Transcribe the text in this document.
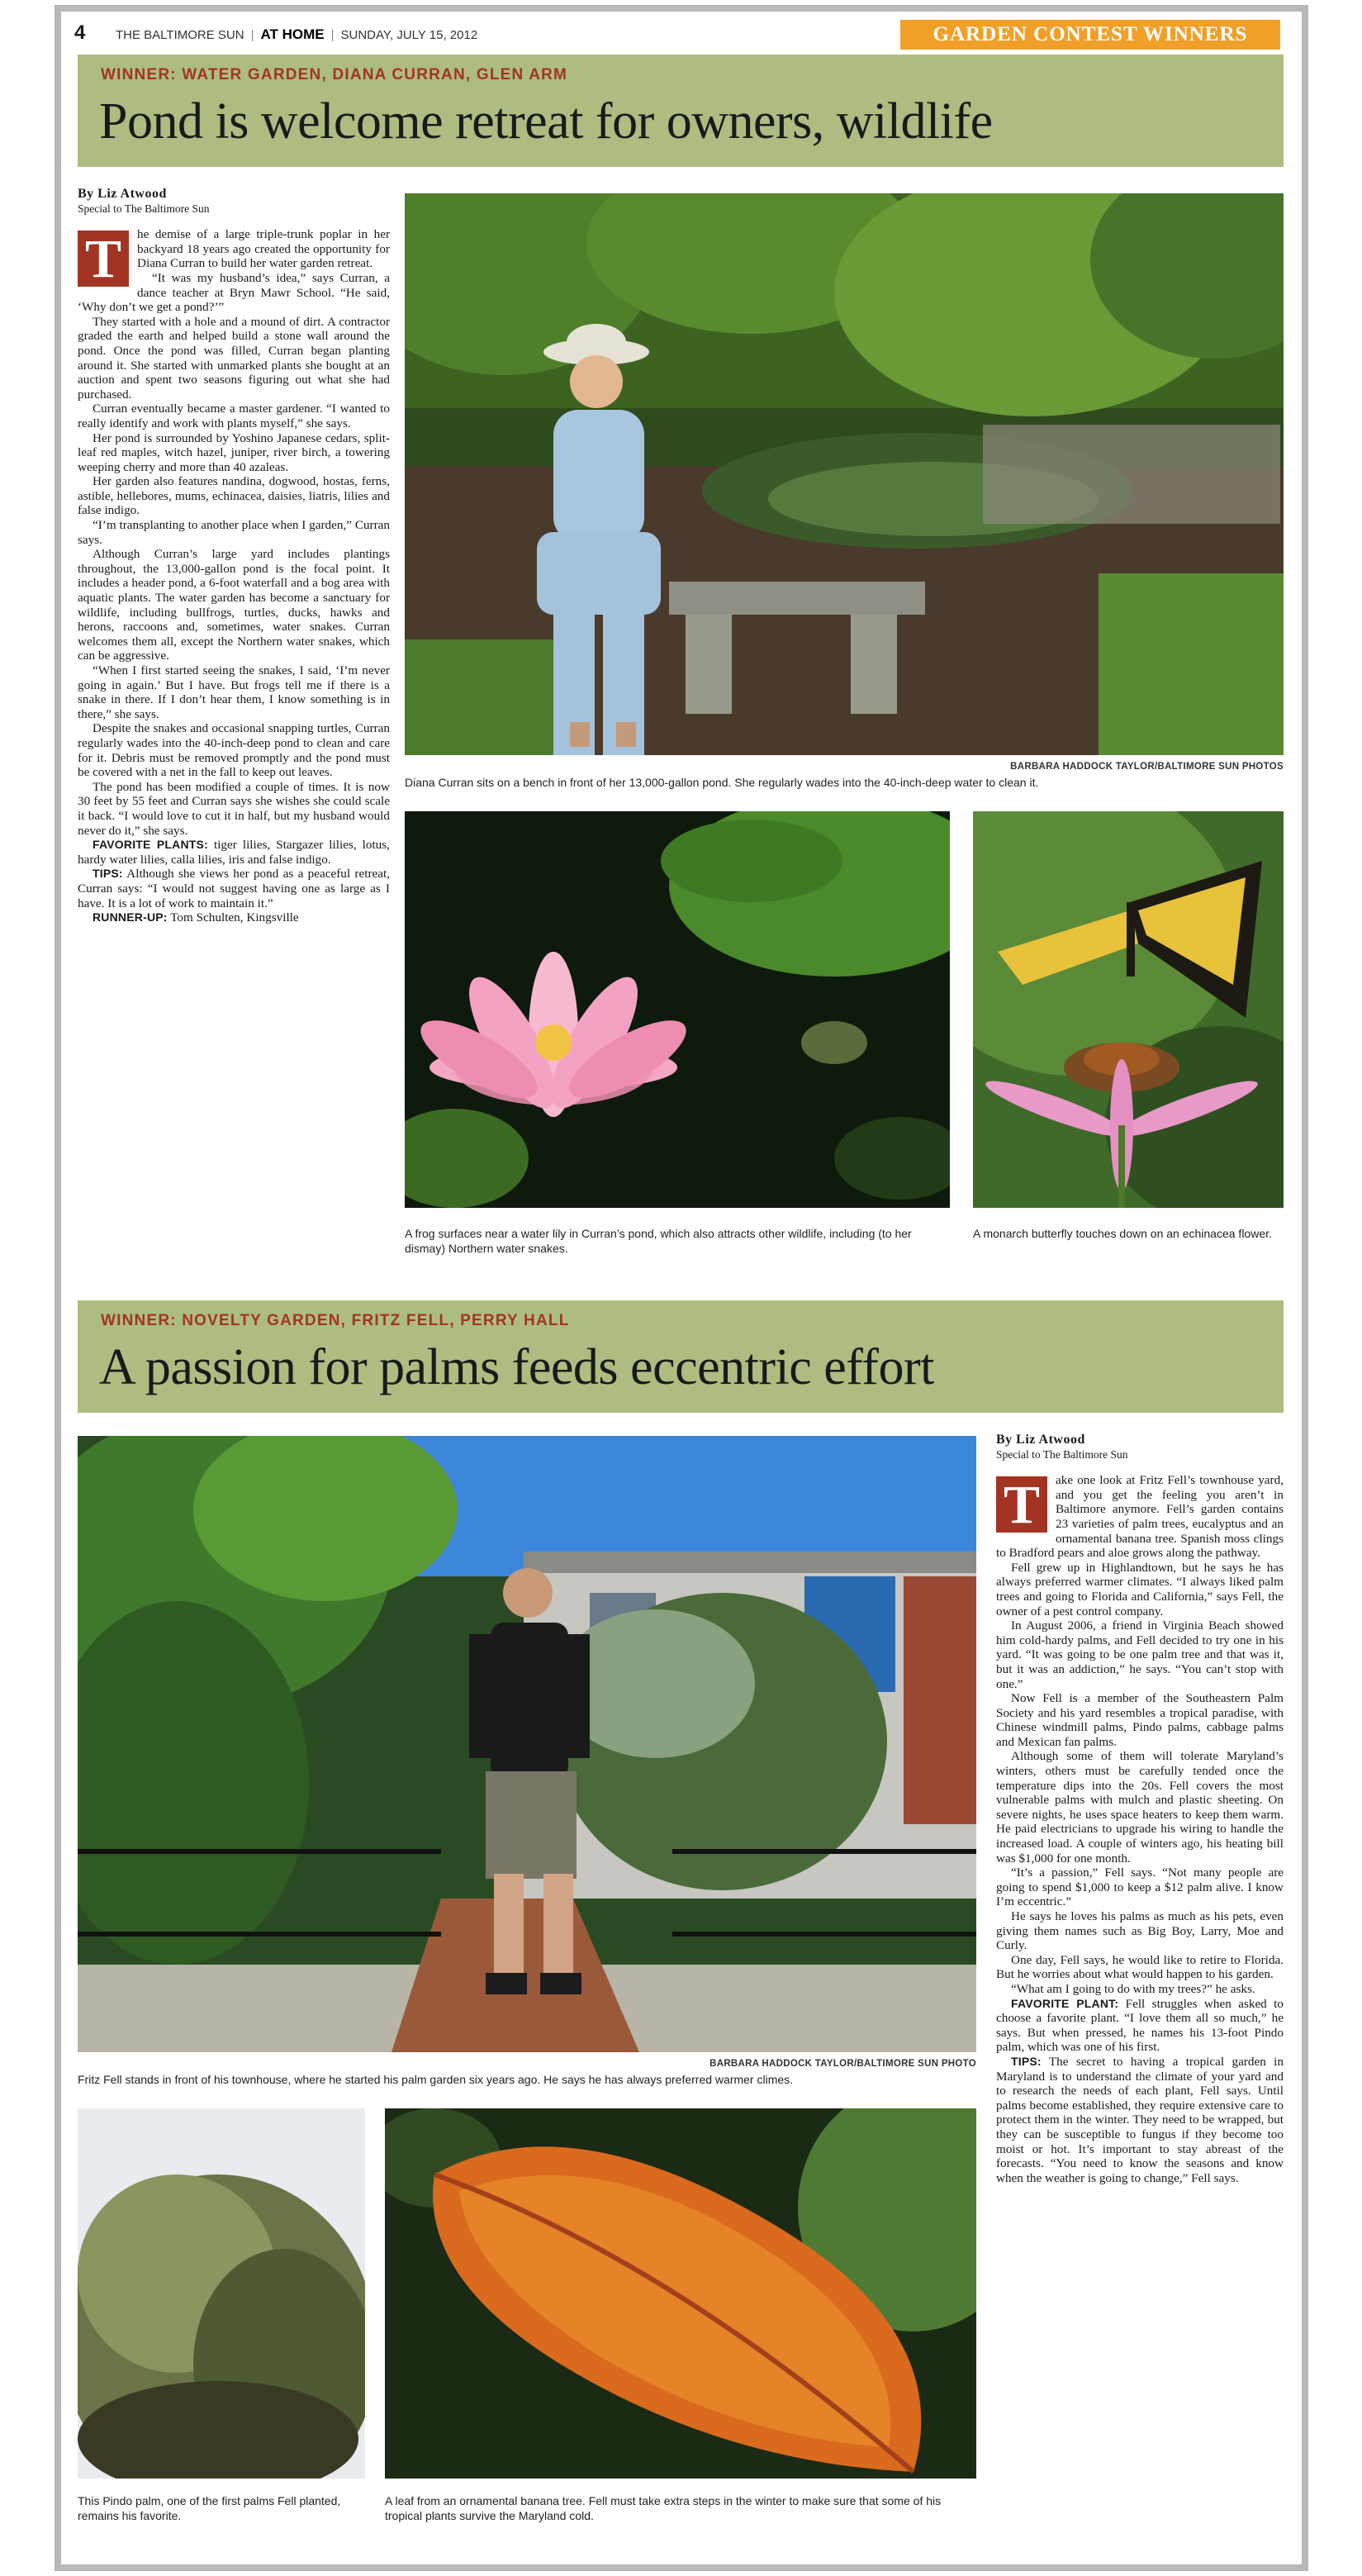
4 THE BALTIMORE SUN | AT HOME | SUNDAY, JULY 15, 2012	GARDEN CONTEST WINNERS
WINNER: WATER GARDEN, DIANA CURRAN, GLEN ARM
Pond is welcome retreat for owners, wildlife

By Liz Atwood

Special to The Baltimore Sun

T	he demise of a large triple-trunk poplar in her backyard 18 years ago created the opportunity for Diana Curran to build her water garden retreat.

“It was my husband’s idea,” says Curran, a dance teacher at Bryn Mawr School. “He said, ‘Why don’t we get a pond?’”

They started with a hole and a mound of dirt. A contractor graded the earth and helped build a stone wall around the pond. Once the pond was filled, Curran began planting around it. She started with unmarked plants she bought at an auction and spent two seasons figuring out what she had purchased.

Curran eventually became a master gardener. “I wanted to really identify and work with plants myself,” she says.

Her pond is surrounded by Yoshino Japanese cedars, split-leaf red maples, witch hazel, juniper, river birch, a towering weeping cherry and more than 40 azaleas.

Her garden also features nandina, dogwood, hostas, ferns, astible, hellebores, mums, echinacea, daisies, liatris, lilies and false indigo.

“I’m transplanting to another place when I garden,” Curran says.

Although Curran’s large yard includes plantings throughout, the 13,000-gallon pond is the focal point. It includes a header pond, a 6-foot waterfall and a bog area with aquatic plants. The water garden has become a sanctuary for wildlife, including bullfrogs, turtles, ducks, hawks and herons, raccoons and, sometimes, water snakes. Curran welcomes them all, except the Northern water snakes, which can be aggressive.

“When I first started seeing the snakes, I said, ‘I’m never going in again.’ But I have. But frogs tell me if there is a snake in there. If I don’t hear them, I know something is in there,” she says.

Despite the snakes and occasional snapping turtles, Curran regularly wades into the 40-inch-deep pond to clean and care for it. Debris must be removed promptly and the pond must be covered with a net in the fall to keep out leaves.

The pond has been modified a couple of times. It is now 30 feet by 55 feet and Curran says she wishes she could scale it back. “I would love to cut it in half, but my husband would never do it,” she says.

FAVORITE PLANTS: tiger lilies, Stargazer lilies, lotus, hardy water lilies, calla lilies, iris and false indigo.

TIPS: Although she views her pond as a peaceful retreat, Curran says: “I would not suggest having one as large as I have. It is a lot of work to maintain it.”

RUNNER-UP: Tom Schulten, Kingsville

BARBARA HADDOCK TAYLOR/BALTIMORE SUN PHOTOS
Diana Curran sits on a bench in front of her 13,000-gallon pond. She regularly wades into the 40-inch-deep water to clean it.
A frog surfaces near a water lily in Curran’s pond, which also attracts other wildlife, including (to her dismay) Northern water snakes.
A monarch butterfly touches down on an echinacea flower.
WINNER: NOVELTY GARDEN, FRITZ FELL, PERRY HALL
A passion for palms feeds eccentric effort
BARBARA HADDOCK TAYLOR/BALTIMORE SUN PHOTO
Fritz Fell stands in front of his townhouse, where he started his palm garden six years ago. He says he has always preferred warmer climes.
This Pindo palm, one of the first palms Fell planted, remains his favorite.
A leaf from an ornamental banana tree. Fell must take extra steps in the winter to make sure that some of his tropical plants survive the Maryland cold.

By Liz Atwood

Special to The Baltimore Sun

T	ake one look at Fritz Fell’s townhouse yard, and you get the feeling you aren’t in Baltimore anymore. Fell’s garden contains 23 varieties of palm trees, eucalyptus and an ornamental banana tree. Spanish moss clings to Bradford pears and aloe grows along the pathway.

Fell grew up in Highlandtown, but he says he has always preferred warmer climates. “I always liked palm trees and going to Florida and California,” says Fell, the owner of a pest control company.

In August 2006, a friend in Virginia Beach showed him cold-hardy palms, and Fell decided to try one in his yard. “It was going to be one palm tree and that was it, but it was an addiction,” he says. “You can’t stop with one.”

Now Fell is a member of the Southeastern Palm Society and his yard resembles a tropical paradise, with Chinese windmill palms, Pindo palms, cabbage palms and Mexican fan palms.

Although some of them will tolerate Maryland’s winters, others must be carefully tended once the temperature dips into the 20s. Fell covers the most vulnerable palms with mulch and plastic sheeting. On severe nights, he uses space heaters to keep them warm. He paid electricians to upgrade his wiring to handle the increased load. A couple of winters ago, his heating bill was $1,000 for one month.

“It’s a passion,” Fell says. “Not many people are going to spend $1,000 to keep a $12 palm alive. I know I’m eccentric.”

He says he loves his palms as much as his pets, even giving them names such as Big Boy, Larry, Moe and Curly.

One day, Fell says, he would like to retire to Florida. But he worries about what would happen to his garden.

“What am I going to do with my trees?” he asks.

FAVORITE PLANT: Fell struggles when asked to choose a favorite plant. “I love them all so much,” he says. But when pressed, he names his 13-foot Pindo palm, which was one of his first.

TIPS: The secret to having a tropical garden in Maryland is to understand the climate of your yard and to research the needs of each plant, Fell says. Until palms become established, they require extensive care to protect them in the winter. They need to be wrapped, but they can be susceptible to fungus if they become too moist or hot. It’s important to stay abreast of the forecasts. “You need to know the seasons and know when the weather is going to change,” Fell says.
